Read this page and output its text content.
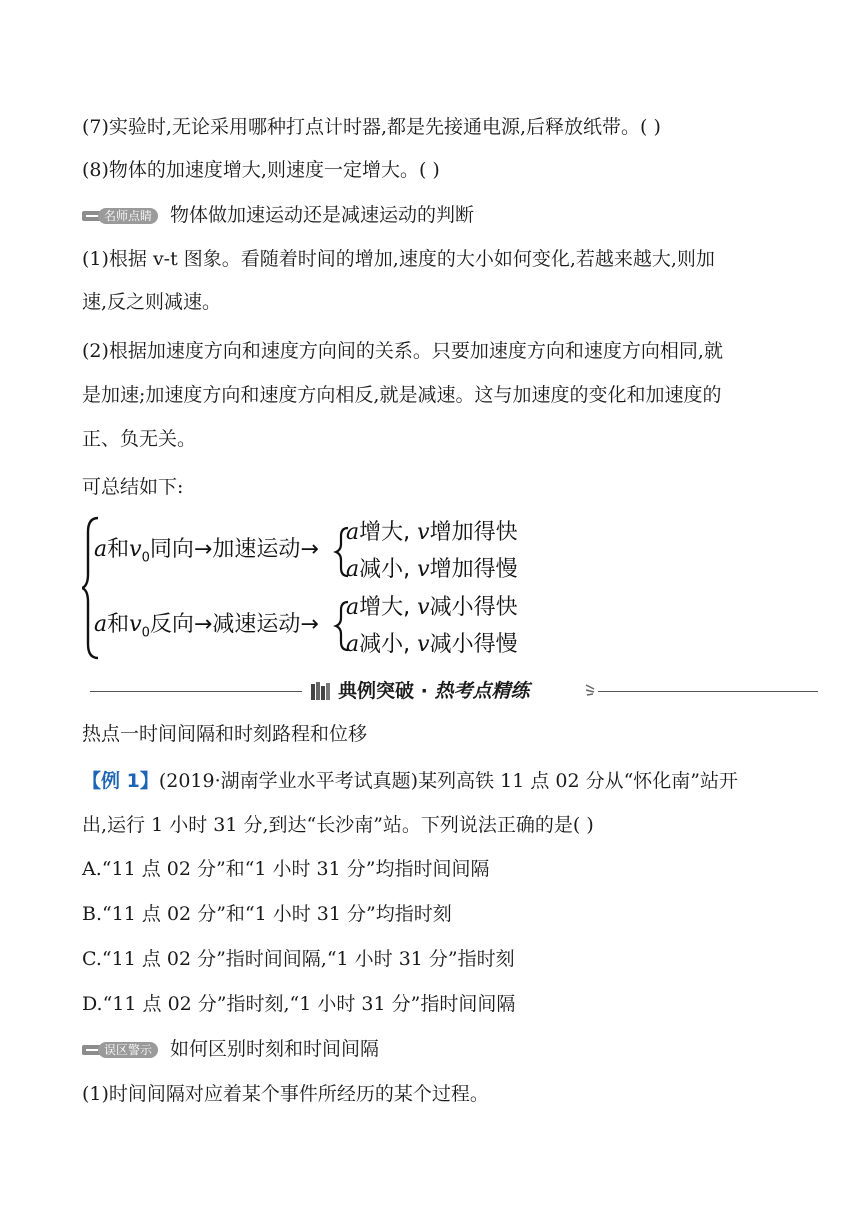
(7)实验时,无论采用哪种打点计时器,都是先接通电源,后释放纸带。( )
(8)物体的加速度增大,则速度一定增大。( )
名师点睛 物体做加速运动还是减速运动的判断
(1)根据 v-t 图象。看随着时间的增加,速度的大小如何变化,若越来越大,则加
速,反之则减速。
(2)根据加速度方向和速度方向间的关系。只要加速度方向和速度方向相同,就
是加速;加速度方向和速度方向相反,就是减速。这与加速度的变化和加速度的
正、负无关。
可总结如下:
a和$v_0$同向→加速运动→
a增大, v增加得快
a减小, v增加得慢
a和$v_0$反向→减速运动→
a增大, v减小得快
a减小, v减小得慢
典例突破 · 热考点精练
热点一时间间隔和时刻路程和位移
【例 1】(2019·湖南学业水平考试真题)某列高铁 11 点 02 分从“怀化南”站开
出,运行 1 小时 31 分,到达“长沙南”站。下列说法正确的是( )
A.“11 点 02 分”和“1 小时 31 分”均指时间间隔
B.“11 点 02 分”和“1 小时 31 分”均指时刻
C.“11 点 02 分”指时间间隔,“1 小时 31 分”指时刻
D.“11 点 02 分”指时刻,“1 小时 31 分”指时间间隔
误区警示 如何区别时刻和时间间隔
(1)时间间隔对应着某个事件所经历的某个过程。
